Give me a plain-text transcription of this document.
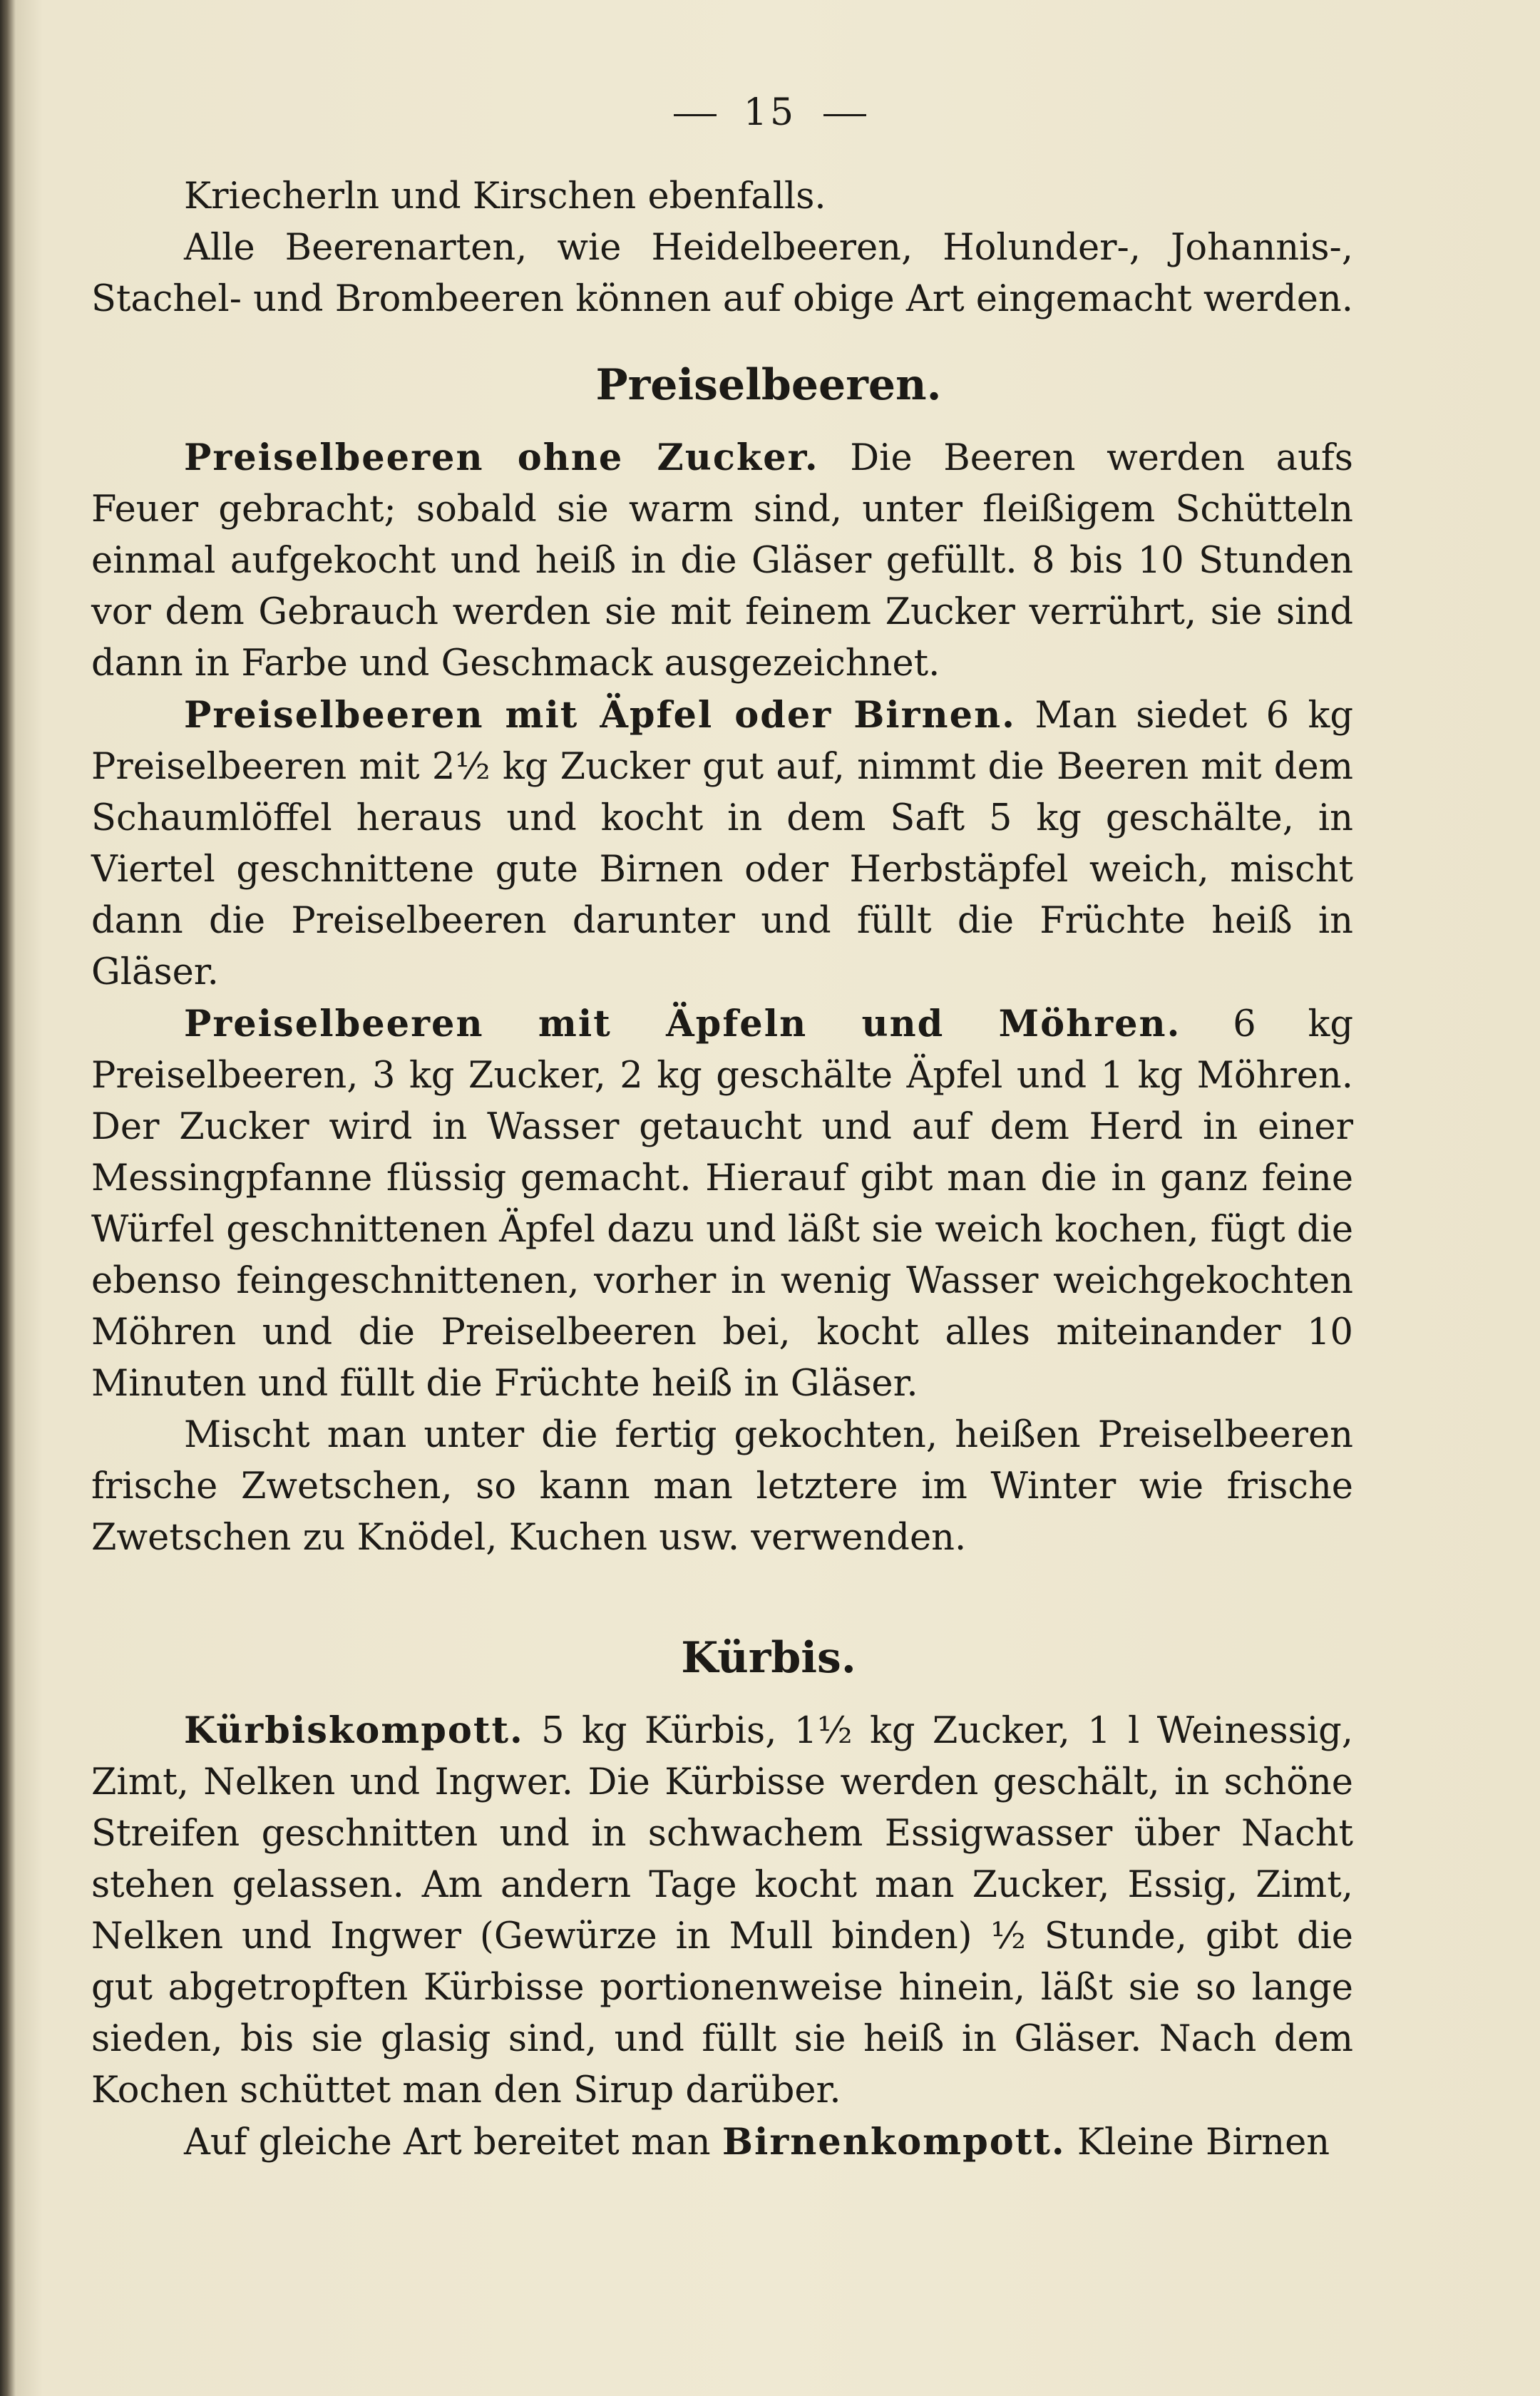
15

Kriecherln und Kirschen ebenfalls.

Alle Beerenarten, wie Heidelbeeren, Holunder-, Johannis-, Stachel- und Brombeeren können auf obige Art eingemacht werden.

Preiselbeeren.

Preiselbeeren ohne Zucker. Die Beeren werden aufs Feuer gebracht; sobald sie warm sind, unter fleißigem Schütteln einmal aufgekocht und heiß in die Gläser gefüllt. 8 bis 10 Stunden vor dem Gebrauch werden sie mit feinem Zucker verrührt, sie sind dann in Farbe und Geschmack ausgezeichnet.

Preiselbeeren mit Äpfel oder Birnen. Man siedet 6 kg Preiselbeeren mit 2½ kg Zucker gut auf, nimmt die Beeren mit dem Schaumlöffel heraus und kocht in dem Saft 5 kg geschälte, in Viertel geschnittene gute Birnen oder Herbstäpfel weich, mischt dann die Preiselbeeren darunter und füllt die Früchte heiß in Gläser.

Preiselbeeren mit Äpfeln und Möhren. 6 kg Preiselbeeren, 3 kg Zucker, 2 kg geschälte Äpfel und 1 kg Möhren. Der Zucker wird in Wasser getaucht und auf dem Herd in einer Messingpfanne flüssig gemacht. Hierauf gibt man die in ganz feine Würfel geschnittenen Äpfel dazu und läßt sie weich kochen, fügt die ebenso feingeschnittenen, vorher in wenig Wasser weichgekochten Möhren und die Preiselbeeren bei, kocht alles miteinander 10 Minuten und füllt die Früchte heiß in Gläser.

Mischt man unter die fertig gekochten, heißen Preiselbeeren frische Zwetschen, so kann man letztere im Winter wie frische Zwetschen zu Knödel, Kuchen usw. verwenden.

Kürbis.

Kürbiskompott. 5 kg Kürbis, 1½ kg Zucker, 1 l Weinessig, Zimt, Nelken und Ingwer. Die Kürbisse werden geschält, in schöne Streifen geschnitten und in schwachem Essigwasser über Nacht stehen gelassen. Am andern Tage kocht man Zucker, Essig, Zimt, Nelken und Ingwer (Gewürze in Mull binden) ½ Stunde, gibt die gut abgetropften Kürbisse portionenweise hinein, läßt sie so lange sieden, bis sie glasig sind, und füllt sie heiß in Gläser. Nach dem Kochen schüttet man den Sirup darüber.

Auf gleiche Art bereitet man Birnenkompott. Kleine Birnen
